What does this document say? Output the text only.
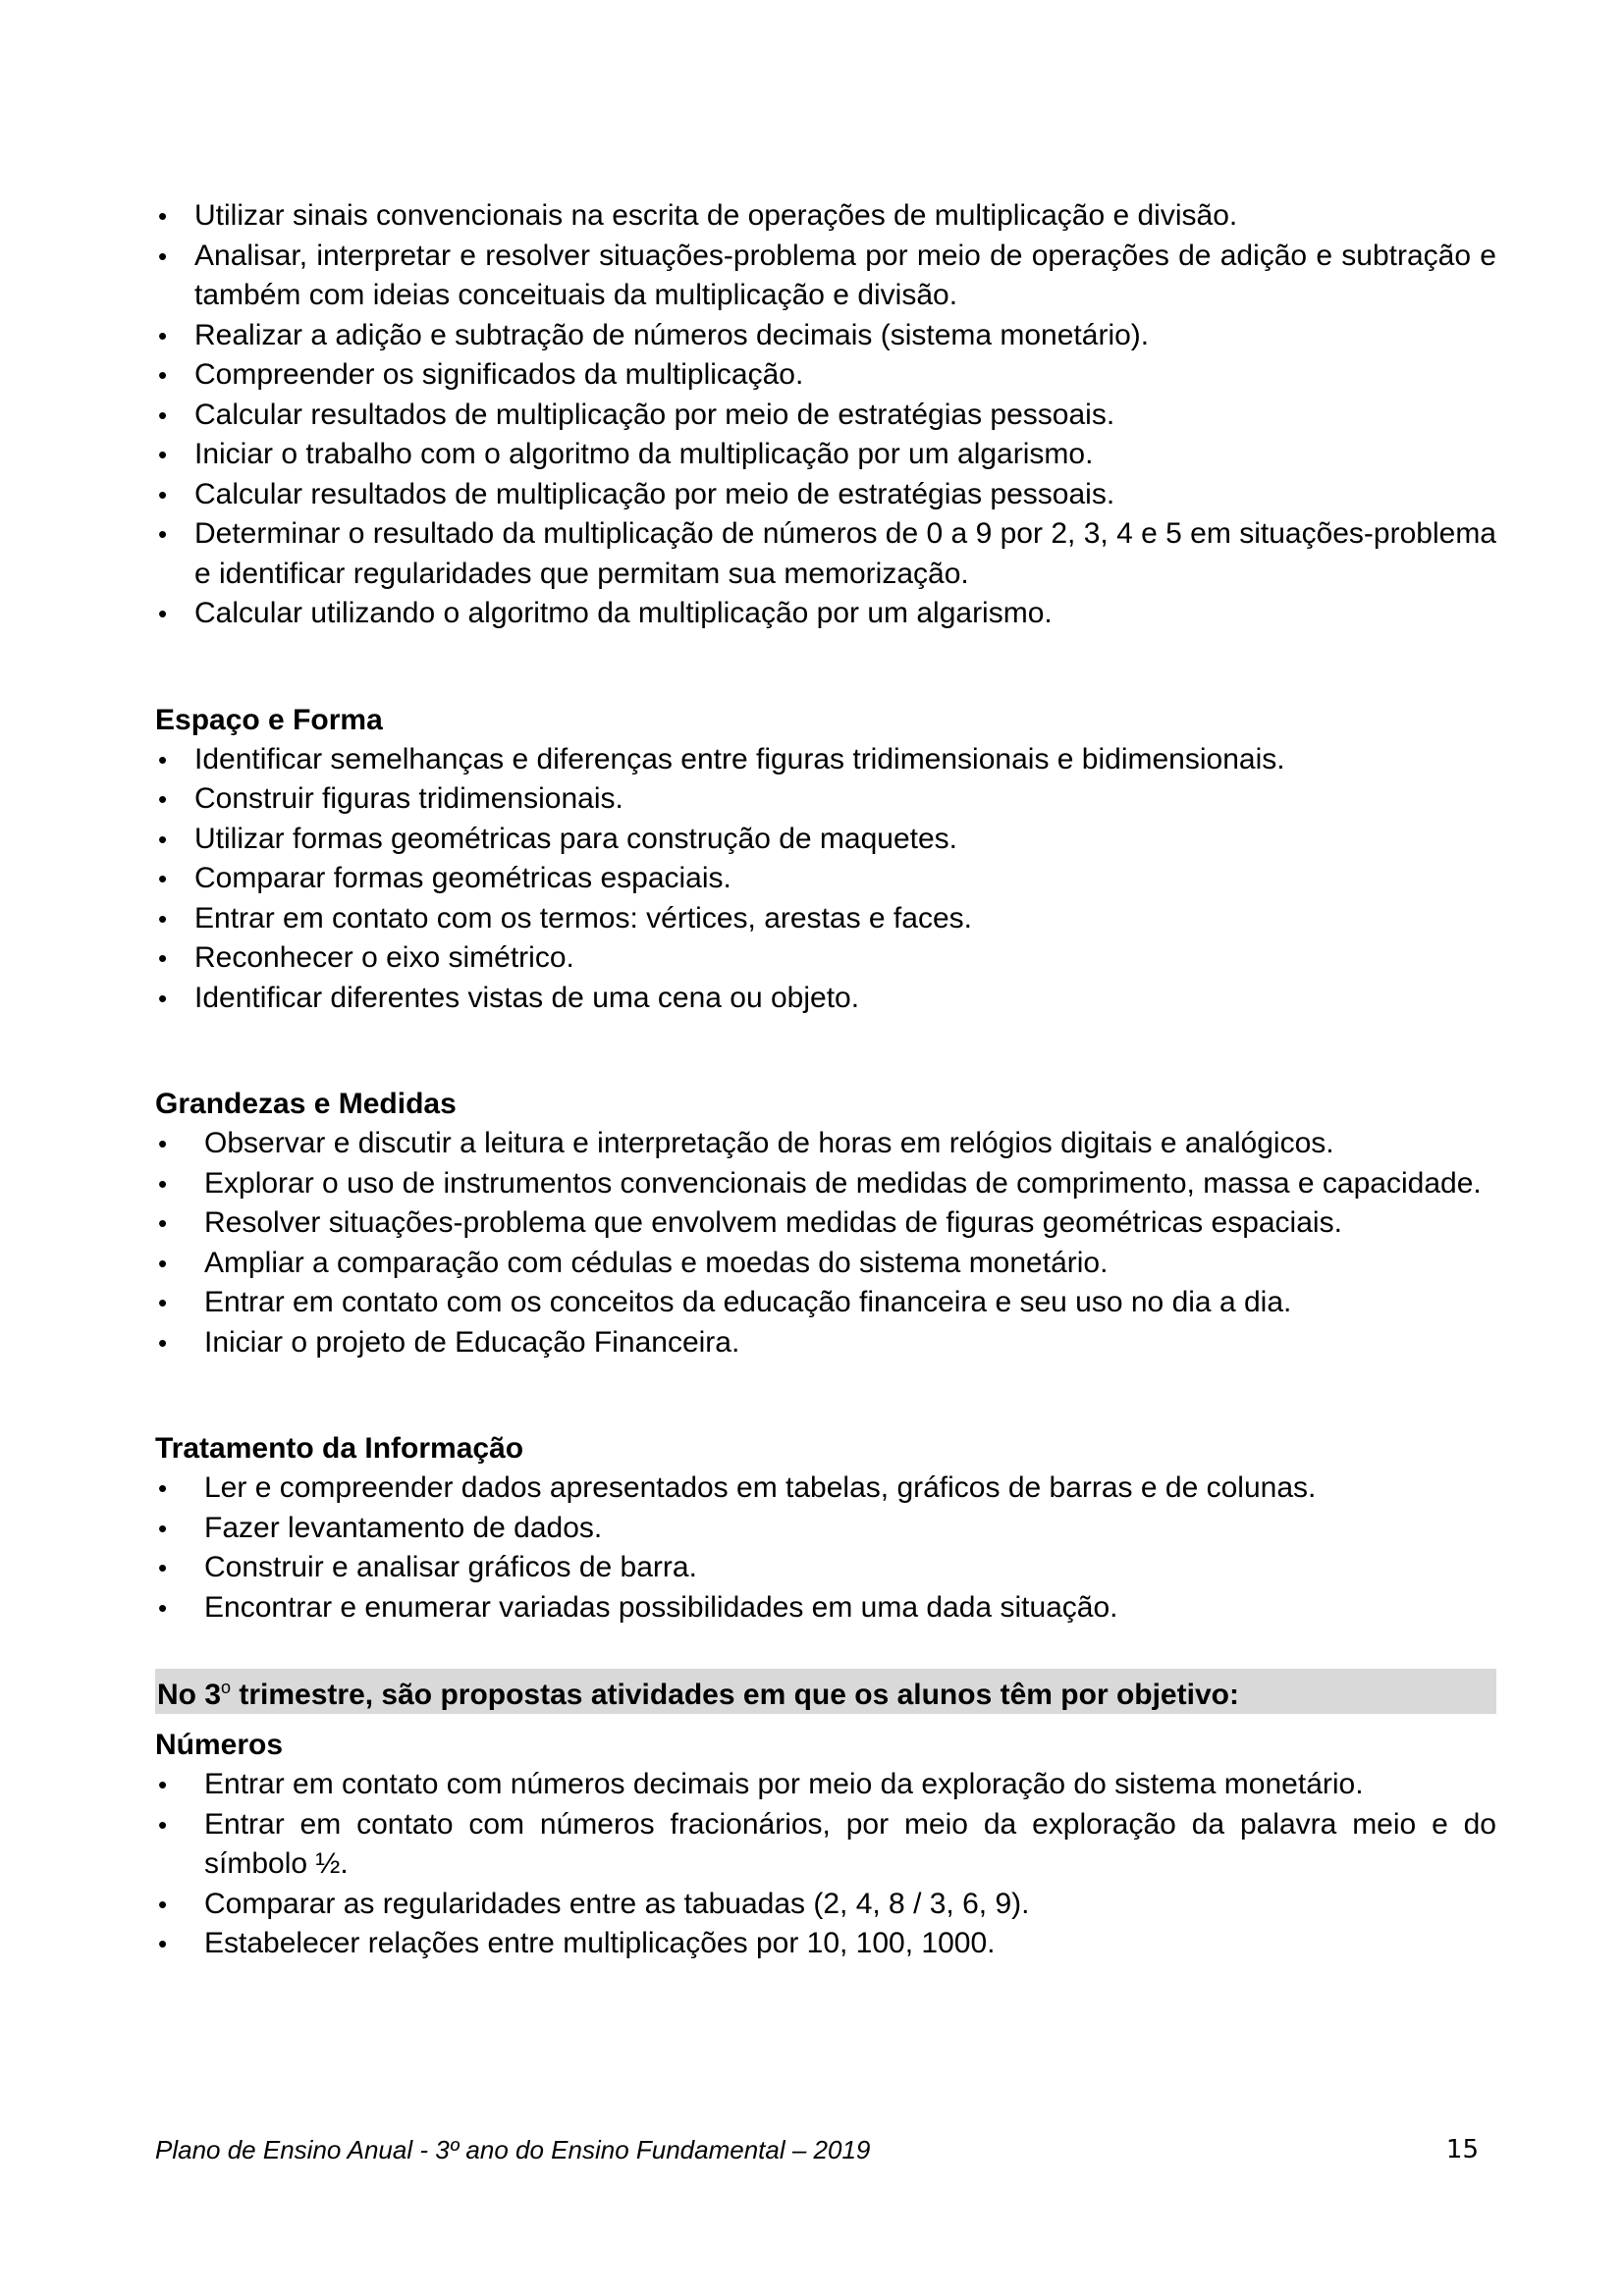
• Utilizar sinais convencionais na escrita de operações de multiplicação e divisão.
• Analisar, interpretar e resolver situações-problema por meio de operações de adição e subtração e também com ideias conceituais da multiplicação e divisão.
• Realizar a adição e subtração de números decimais (sistema monetário).
• Compreender os significados da multiplicação.
• Calcular resultados de multiplicação por meio de estratégias pessoais.
• Iniciar o trabalho com o algoritmo da multiplicação por um algarismo.
• Calcular resultados de multiplicação por meio de estratégias pessoais.
• Determinar o resultado da multiplicação de números de 0 a 9 por 2, 3, 4 e 5 em situações-problema e identificar regularidades que permitam sua memorização.
• Calcular utilizando o algoritmo da multiplicação por um algarismo.

Espaço e Forma

• Identificar semelhanças e diferenças entre figuras tridimensionais e bidimensionais.
• Construir figuras tridimensionais.
• Utilizar formas geométricas para construção de maquetes.
• Comparar formas geométricas espaciais.
• Entrar em contato com os termos: vértices, arestas e faces.
• Reconhecer o eixo simétrico.
• Identificar diferentes vistas de uma cena ou objeto.

Grandezas e Medidas

• Observar e discutir a leitura e interpretação de horas em relógios digitais e analógicos.
• Explorar o uso de instrumentos convencionais de medidas de comprimento, massa e capacidade.
• Resolver situações-problema que envolvem medidas de figuras geométricas espaciais.
• Ampliar a comparação com cédulas e moedas do sistema monetário.
• Entrar em contato com os conceitos da educação financeira e seu uso no dia a dia.
• Iniciar o projeto de Educação Financeira.

Tratamento da Informação

• Ler e compreender dados apresentados em tabelas, gráficos de barras e de colunas.
• Fazer levantamento de dados.
• Construir e analisar gráficos de barra.
• Encontrar e enumerar variadas possibilidades em uma dada situação.
No 3$^o$ trimestre, são propostas atividades em que os alunos têm por objetivo:

Números

• Entrar em contato com números decimais por meio da exploração do sistema monetário.
• Entrar em contato com números fracionários, por meio da exploração da palavra meio e do símbolo ½.
• Comparar as regularidades entre as tabuadas (2, 4, 8 / 3, 6, 9).
• Estabelecer relações entre multiplicações por 10, 100, 1000.
Plano de Ensino Anual - 3º ano do Ensino Fundamental – 2019	15
